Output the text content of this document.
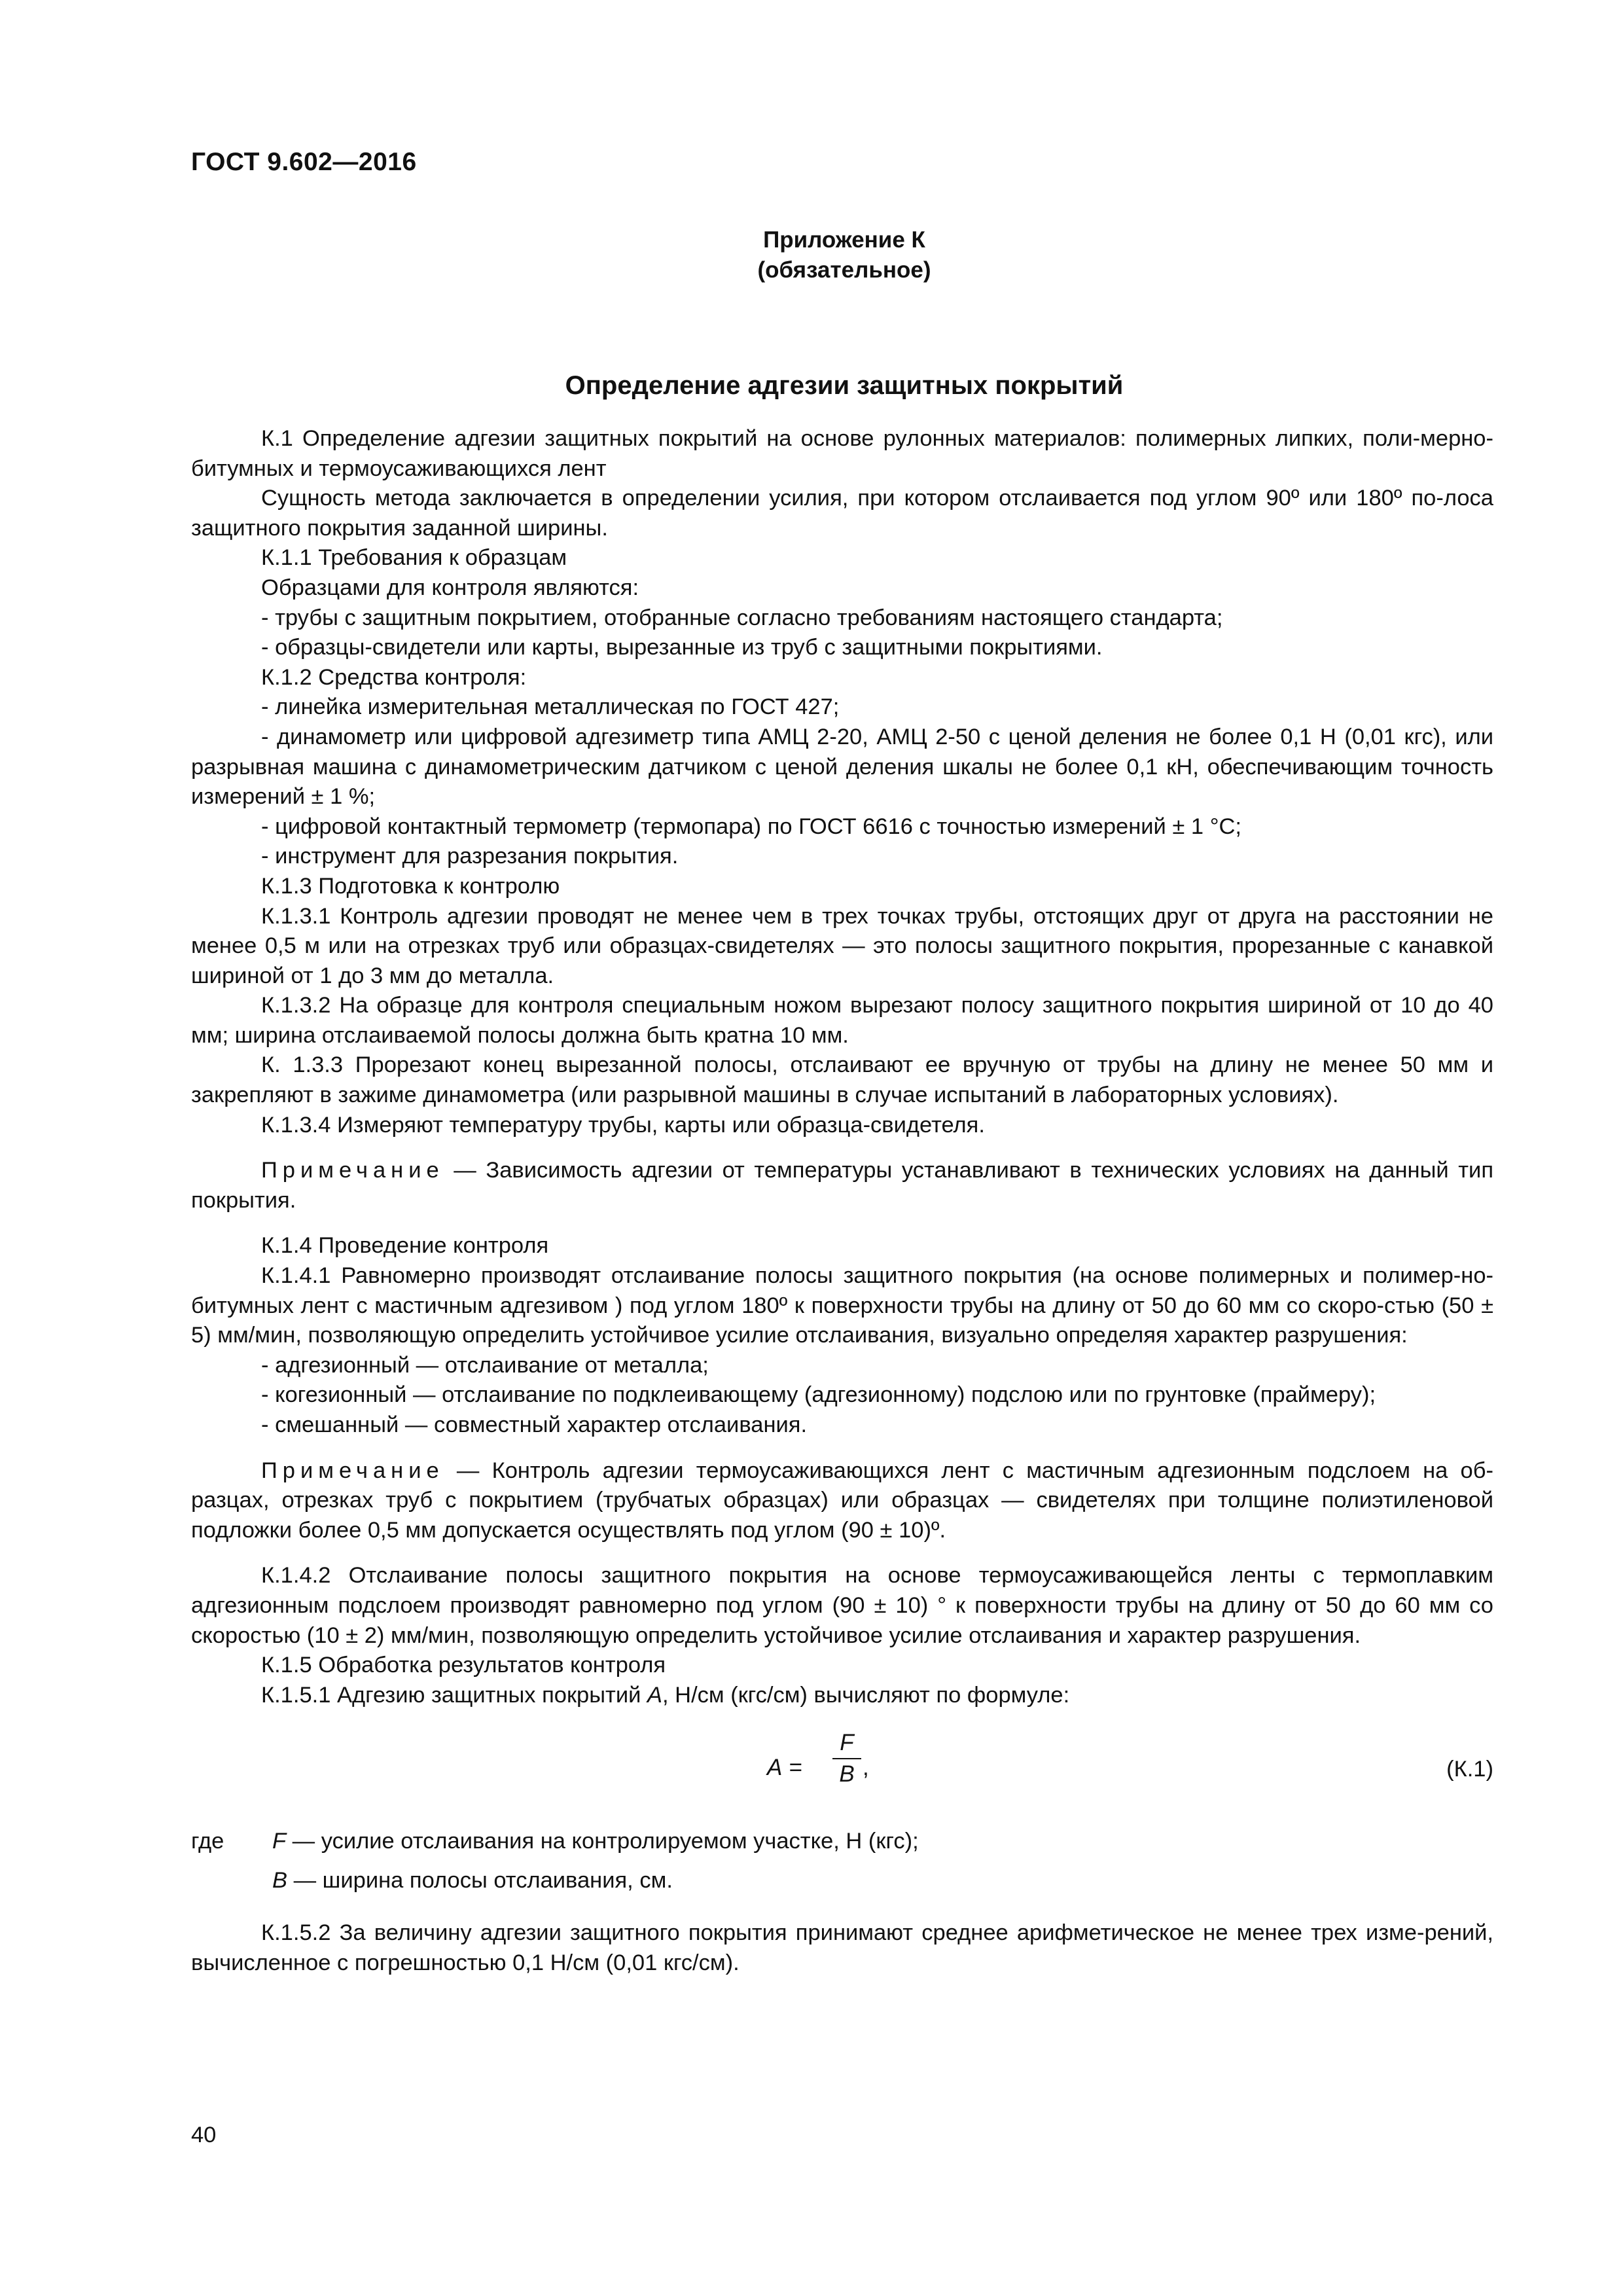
ГОСТ 9.602—2016
Приложение К
(обязательное)
Определение адгезии защитных покрытий

К.1 Определение адгезии защитных покрытий на основе рулонных материалов: полимерных липких, поли-мерно-битумных и термоусаживающихся лент

Сущность метода заключается в определении усилия, при котором отслаивается под углом 90º или 180º по-лоса защитного покрытия заданной ширины.

К.1.1 Требования к образцам

Образцами для контроля являются:

- трубы с защитным покрытием, отобранные согласно требованиям настоящего стандарта;

- образцы-свидетели или карты, вырезанные из труб с защитными покрытиями.

К.1.2 Средства контроля:

- линейка измерительная металлическая по ГОСТ 427;

- динамометр или цифровой адгезиметр типа АМЦ 2-20, АМЦ 2-50 с ценой деления не более 0,1 Н (0,01 кгс), или разрывная машина с динамометрическим датчиком с ценой деления шкалы не более 0,1 кН, обеспечивающим точность измерений ± 1 %;

- цифровой контактный термометр (термопара) по ГОСТ 6616 с точностью измерений ± 1 °С;

- инструмент для разрезания покрытия.

К.1.3 Подготовка к контролю

К.1.3.1 Контроль адгезии проводят не менее чем в трех точках трубы, отстоящих друг от друга на расстоянии не менее 0,5 м или на отрезках труб или образцах-свидетелях — это полосы защитного покрытия, прорезанные с канавкой шириной от 1 до 3 мм до металла.

К.1.3.2 На образце для контроля специальным ножом вырезают полосу защитного покрытия шириной от 10 до 40 мм; ширина отслаиваемой полосы должна быть кратна 10 мм.

К. 1.3.3 Прорезают конец вырезанной полосы, отслаивают ее вручную от трубы на длину не менее 50 мм и закрепляют в зажиме динамометра (или разрывной машины в случае испытаний в лабораторных условиях).

К.1.3.4 Измеряют температуру трубы, карты или образца-свидетеля.

Примечание — Зависимость адгезии от температуры устанавливают в технических условиях на данный тип покрытия.

К.1.4 Проведение контроля

К.1.4.1 Равномерно производят отслаивание полосы защитного покрытия (на основе полимерных и полимер-но-битумных лент с мастичным адгезивом ) под углом 180º к поверхности трубы на длину от 50 до 60 мм со скоро-стью (50 ± 5) мм/мин, позволяющую определить устойчивое усилие отслаивания, визуально определяя характер разрушения:

- адгезионный — отслаивание от металла;

- когезионный — отслаивание по подклеивающему (адгезионному) подслою или по грунтовке (праймеру);

- смешанный — совместный характер отслаивания.

Примечание — Контроль адгезии термоусаживающихся лент с мастичным адгезионным подслоем на об-разцах, отрезках труб с покрытием (трубчатых образцах) или образцах — свидетелях при толщине полиэтиленовой подложки более 0,5 мм допускается осуществлять под углом (90 ± 10)º.

К.1.4.2 Отслаивание полосы защитного покрытия на основе термоусаживающейся ленты с термоплавким адгезионным подслоем производят равномерно под углом (90 ± 10) ° к поверхности трубы на длину от 50 до 60 мм со скоростью (10 ± 2) мм/мин, позволяющую определить устойчивое усилие отслаивания и характер разрушения.

К.1.5 Обработка результатов контроля

К.1.5.1 Адгезию защитных покрытий А, Н/см (кгс/см) вычисляют по формуле:

А =
F
В ,	(К.1)
где F — усилие отслаивания на контролируемом участке, Н (кгс);
В — ширина полосы отслаивания, см.

К.1.5.2 За величину адгезии защитного покрытия принимают среднее арифметическое не менее трех изме-рений, вычисленное с погрешностью 0,1 Н/см (0,01 кгс/см).

40
